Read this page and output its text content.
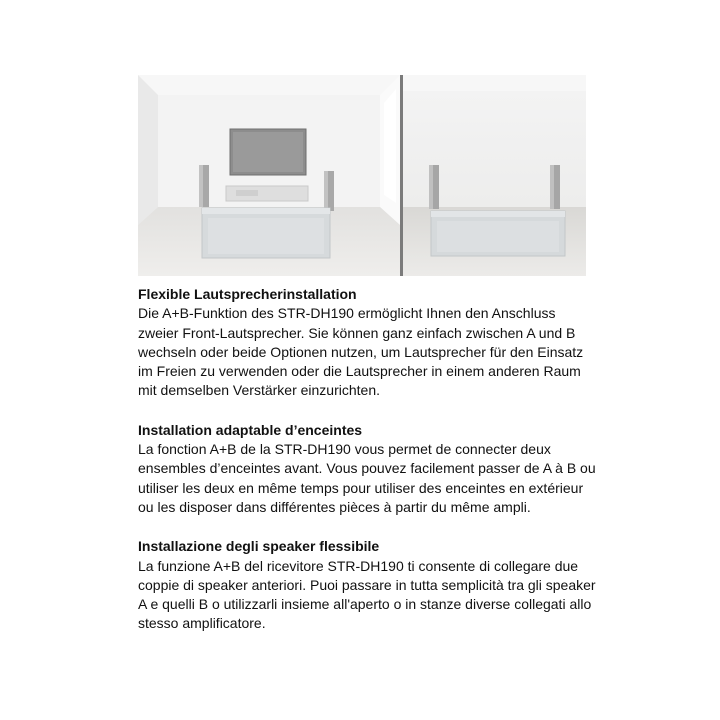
Flexible Lautsprecherinstallation

Die A+B-Funktion des STR-DH190 ermöglicht Ihnen den Anschluss zweier Front-Lautsprecher. Sie können ganz einfach zwischen A und B wechseln oder beide Optionen nutzen, um Lautsprecher für den Einsatz im Freien zu verwenden oder die Lautsprecher in einem anderen Raum mit demselben Verstärker einzurichten.

Installation adaptable d’enceintes

La fonction A+B de la STR-DH190 vous permet de connecter deux ensembles d’enceintes avant. Vous pouvez facilement passer de A à B ou utiliser les deux en même temps pour utiliser des enceintes en extérieur ou les disposer dans différentes pièces à partir du même ampli.

Installazione degli speaker flessibile

La funzione A+B del ricevitore STR-DH190 ti consente di collegare due coppie di speaker anteriori. Puoi passare in tutta semplicità tra gli speaker A e quelli B o utilizzarli insieme all'aperto o in stanze diverse collegati allo stesso amplificatore.
